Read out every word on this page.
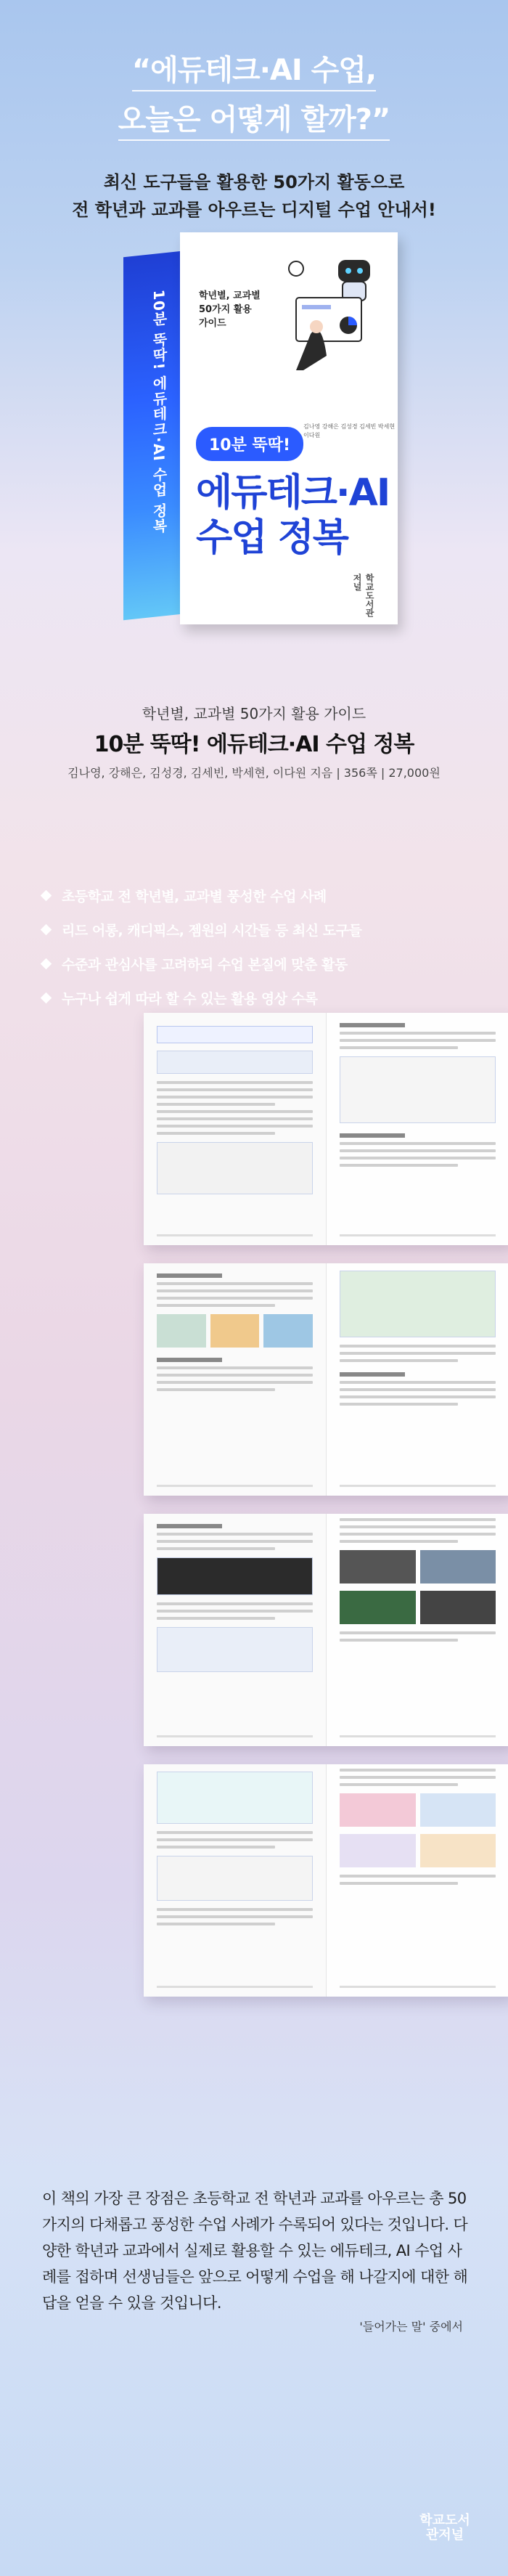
“에듀테크·AI 수업,
오늘은 어떻게 할까?”
최신 도구들을 활용한 50가지 활동으로
전 학년과 교과를 아우르는 디지털 수업 안내서!
10분 뚝딱! 에듀테크·AI 수업 정복	학년별, 교과별
50가지 활용
가이드
김나영 강해은 김성경 김세빈 박세현 이다원
10분 뚝딱!
에듀테크·AI
수업 정복
학교도서관저널
학년별, 교과별 50가지 활용 가이드
10분 뚝딱! 에듀테크·AI 수업 정복
김나영, 강해은, 김성경, 김세빈, 박세현, 이다원 지음 | 356쪽 | 27,000원
초등학교 전 학년별, 교과별 풍성한 수업 사례
리드 어롱, 캐디픽스, 젬원의 시간들 등 최신 도구들
수준과 관심사를 고려하되 수업 본질에 맞춘 활동
누구나 쉽게 따라 할 수 있는 활용 영상 수록
이 책의 가장 큰 장점은 초등학교 전 학년과 교과를 아우르는 총 50가지의 다채롭고 풍성한 수업 사례가 수록되어 있다는 것입니다. 다양한 학년과 교과에서 실제로 활용할 수 있는 에듀테크, AI 수업 사례를 접하며 선생님들은 앞으로 어떻게 수업을 해 나갈지에 대한 해답을 얻을 수 있을 것입니다.
'들어가는 말' 중에서
학교도서관저널
